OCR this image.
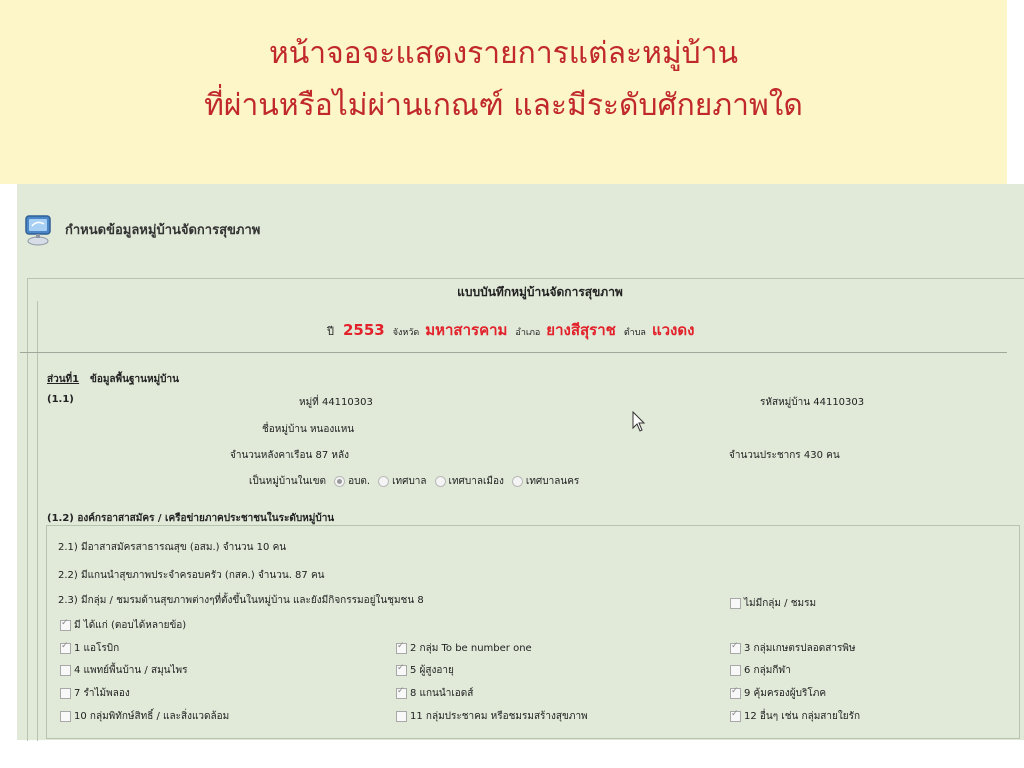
หน้าจอจะแสดงรายการแต่ละหมู่บ้าน
ที่ผ่านหรือไม่ผ่านเกณฑ์ และมีระดับศักยภาพใด
กำหนดข้อมูลหมู่บ้านจัดการสุขภาพ
แบบบันทึกหมู่บ้านจัดการสุขภาพ
ปี 2553 จังหวัด มหาสารคาม อำเภอ ยางสีสุราช ตำบล แวงดง
ส่วนที่1 ข้อมูลพื้นฐานหมู่บ้าน
(1.1)	หมู่ที่ 44110303	รหัสหมู่บ้าน 44110303
ชื่อหมู่บ้าน หนองแหน
จำนวนหลังคาเรือน 87 หลัง	จำนวนประชากร 430 คน
เป็นหมู่บ้านในเขต อบต. เทศบาล เทศบาลเมือง เทศบาลนคร
(1.2) องค์กรอาสาสมัคร / เครือข่ายภาคประชาชนในระดับหมู่บ้าน
2.1) มีอาสาสมัครสาธารณสุข (อสม.) จำนวน 10 คน
2.2) มีแกนนำสุขภาพประจำครอบครัว (กสค.) จำนวน. 87 คน
2.3) มีกลุ่ม / ชมรมด้านสุขภาพต่างๆที่ตั้งขึ้นในหมู่บ้าน และยังมีกิจกรรมอยู่ในชุมชน 8	ไม่มีกลุ่ม / ชมรม
✓
มี ได้แก่ (ตอบได้หลายข้อ)
✓
1 แอโรบิก ✓	2 กลุ่ม To be number one ✓	3 กลุ่มเกษตรปลอดสารพิษ
4 แพทย์พื้นบ้าน / สมุนไพร ✓	5 ผู้สูงอายุ	6 กลุ่มกีฬา
7 รำไม้พลอง ✓	8 แกนนำเอดส์ ✓	9 คุ้มครองผู้บริโภค
10 กลุ่มพิทักษ์สิทธิ์ / และสิ่งแวดล้อม	11 กลุ่มประชาคม หรือชมรมสร้างสุขภาพ ✓	12 อื่นๆ เช่น กลุ่มสายใยรัก
